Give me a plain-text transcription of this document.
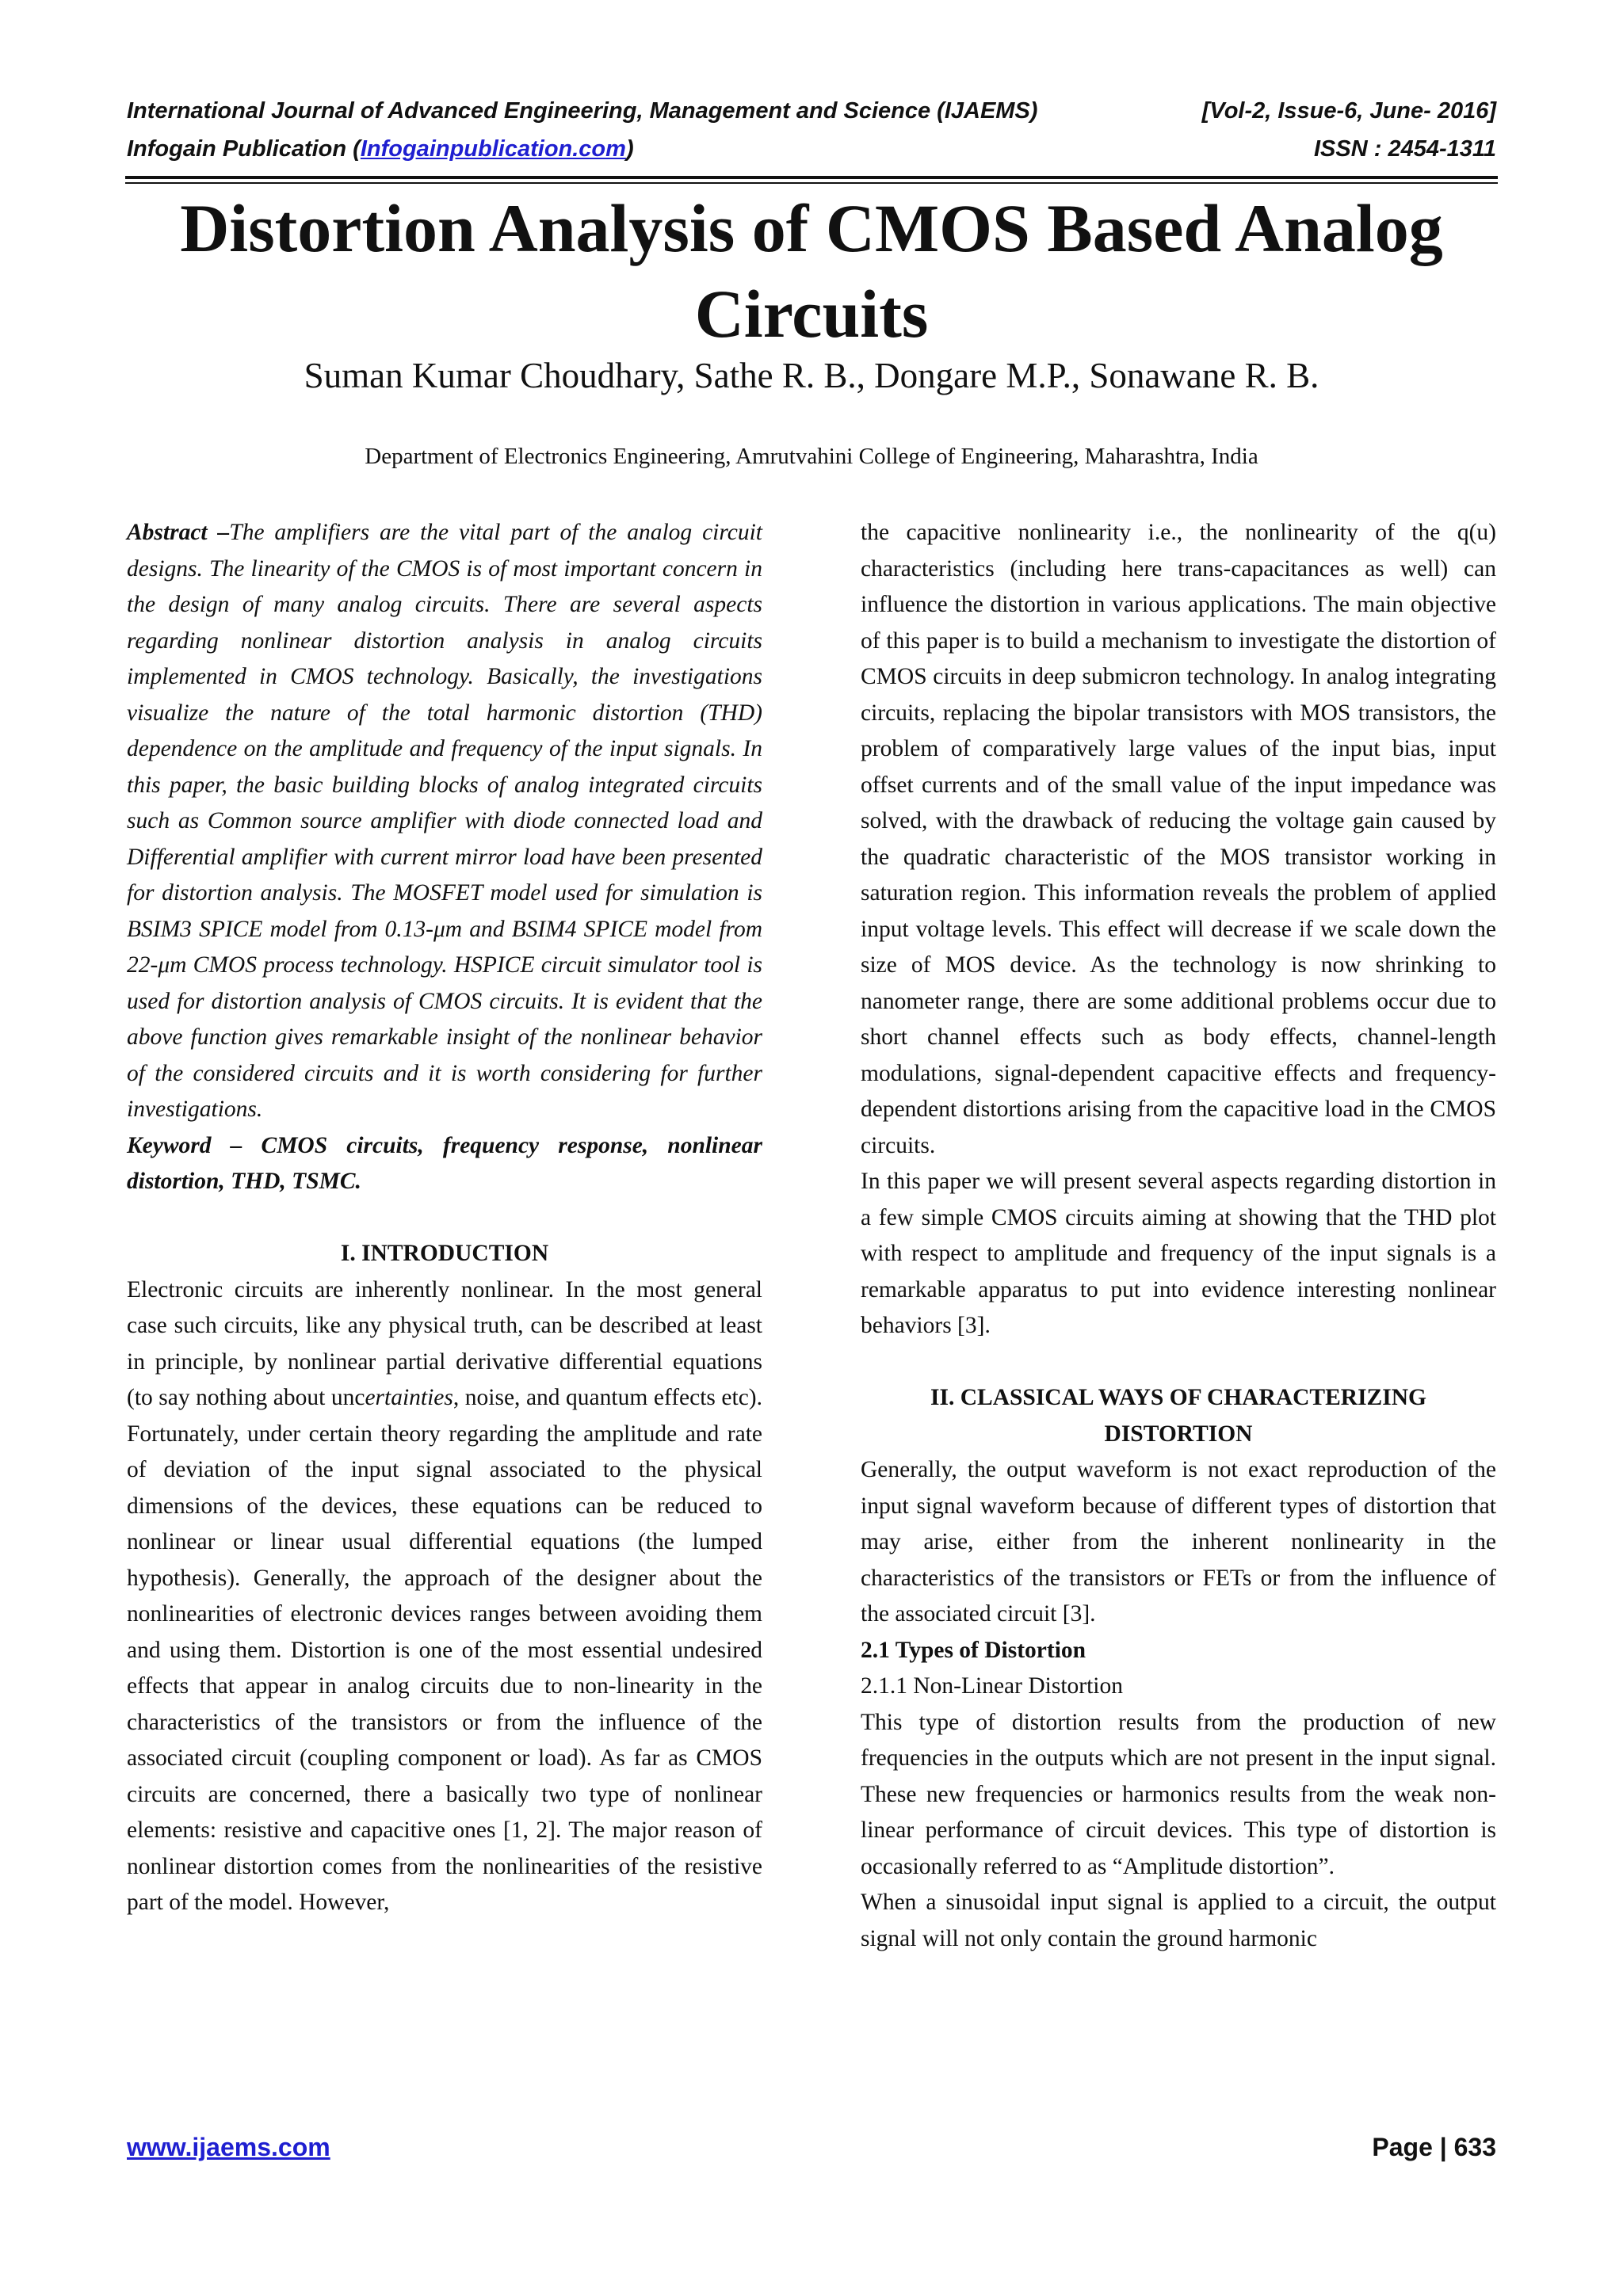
International Journal of Advanced Engineering, Management and Science (IJAEMS)	[Vol-2, Issue-6, June- 2016]
Infogain Publication (Infogainpublication.com)	ISSN : 2454-1311
Distortion Analysis of CMOS Based Analog
Circuits
Suman Kumar Choudhary, Sathe R. B., Dongare M.P., Sonawane R. B.
Department of Electronics Engineering, Amrutvahini College of Engineering, Maharashtra, India

Abstract –The amplifiers are the vital part of the analog circuit designs. The linearity of the CMOS is of most important concern in the design of many analog circuits. There are several aspects regarding nonlinear distortion analysis in analog circuits implemented in CMOS technology. Basically, the investigations visualize the nature of the total harmonic distortion (THD) dependence on the amplitude and frequency of the input signals. In this paper, the basic building blocks of analog integrated circuits such as Common source amplifier with diode connected load and Differential amplifier with current mirror load have been presented for distortion analysis. The MOSFET model used for simulation is BSIM3 SPICE model from 0.13-μm and BSIM4 SPICE model from 22-μm CMOS process technology. HSPICE circuit simulator tool is used for distortion analysis of CMOS circuits. It is evident that the above function gives remarkable insight of the nonlinear behavior of the considered circuits and it is worth considering for further investigations.

Keyword – CMOS circuits, frequency response, nonlinear distortion, THD, TSMC.

I. INTRODUCTION

Electronic circuits are inherently nonlinear. In the most general case such circuits, like any physical truth, can be described at least in principle, by nonlinear partial derivative differential equations (to say nothing about uncertainties, noise, and quantum effects etc). Fortunately, under certain theory regarding the amplitude and rate of deviation of the input signal associated to the physical dimensions of the devices, these equations can be reduced to nonlinear or linear usual differential equations (the lumped hypothesis). Generally, the approach of the designer about the nonlinearities of electronic devices ranges between avoiding them and using them. Distortion is one of the most essential undesired effects that appear in analog circuits due to non-linearity in the characteristics of the transistors or from the influence of the associated circuit (coupling component or load). As far as CMOS circuits are concerned, there a basically two type of nonlinear elements: resistive and capacitive ones [1, 2]. The major reason of nonlinear distortion comes from the nonlinearities of the resistive part of the model. However,

the capacitive nonlinearity i.e., the nonlinearity of the q(u) characteristics (including here trans-capacitances as well) can influence the distortion in various applications. The main objective of this paper is to build a mechanism to investigate the distortion of CMOS circuits in deep submicron technology. In analog integrating circuits, replacing the bipolar transistors with MOS transistors, the problem of comparatively large values of the input bias, input offset currents and of the small value of the input impedance was solved, with the drawback of reducing the voltage gain caused by the quadratic characteristic of the MOS transistor working in saturation region. This information reveals the problem of applied input voltage levels. This effect will decrease if we scale down the size of MOS device. As the technology is now shrinking to nanometer range, there are some additional problems occur due to short channel effects such as body effects, channel-length modulations, signal-dependent capacitive effects and frequency-dependent distortions arising from the capacitive load in the CMOS circuits.

In this paper we will present several aspects regarding distortion in a few simple CMOS circuits aiming at showing that the THD plot with respect to amplitude and frequency of the input signals is a remarkable apparatus to put into evidence interesting nonlinear behaviors [3].

II. CLASSICAL WAYS OF CHARACTERIZING
DISTORTION

Generally, the output waveform is not exact reproduction of the input signal waveform because of different types of distortion that may arise, either from the inherent nonlinearity in the characteristics of the transistors or FETs or from the influence of the associated circuit [3].

2.1 Types of Distortion

2.1.1 Non-Linear Distortion

This type of distortion results from the production of new frequencies in the outputs which are not present in the input signal. These new frequencies or harmonics results from the weak non-linear performance of circuit devices. This type of distortion is occasionally referred to as “Amplitude distortion”.

When a sinusoidal input signal is applied to a circuit, the output signal will not only contain the ground harmonic

www.ijaems.com	Page | 633
